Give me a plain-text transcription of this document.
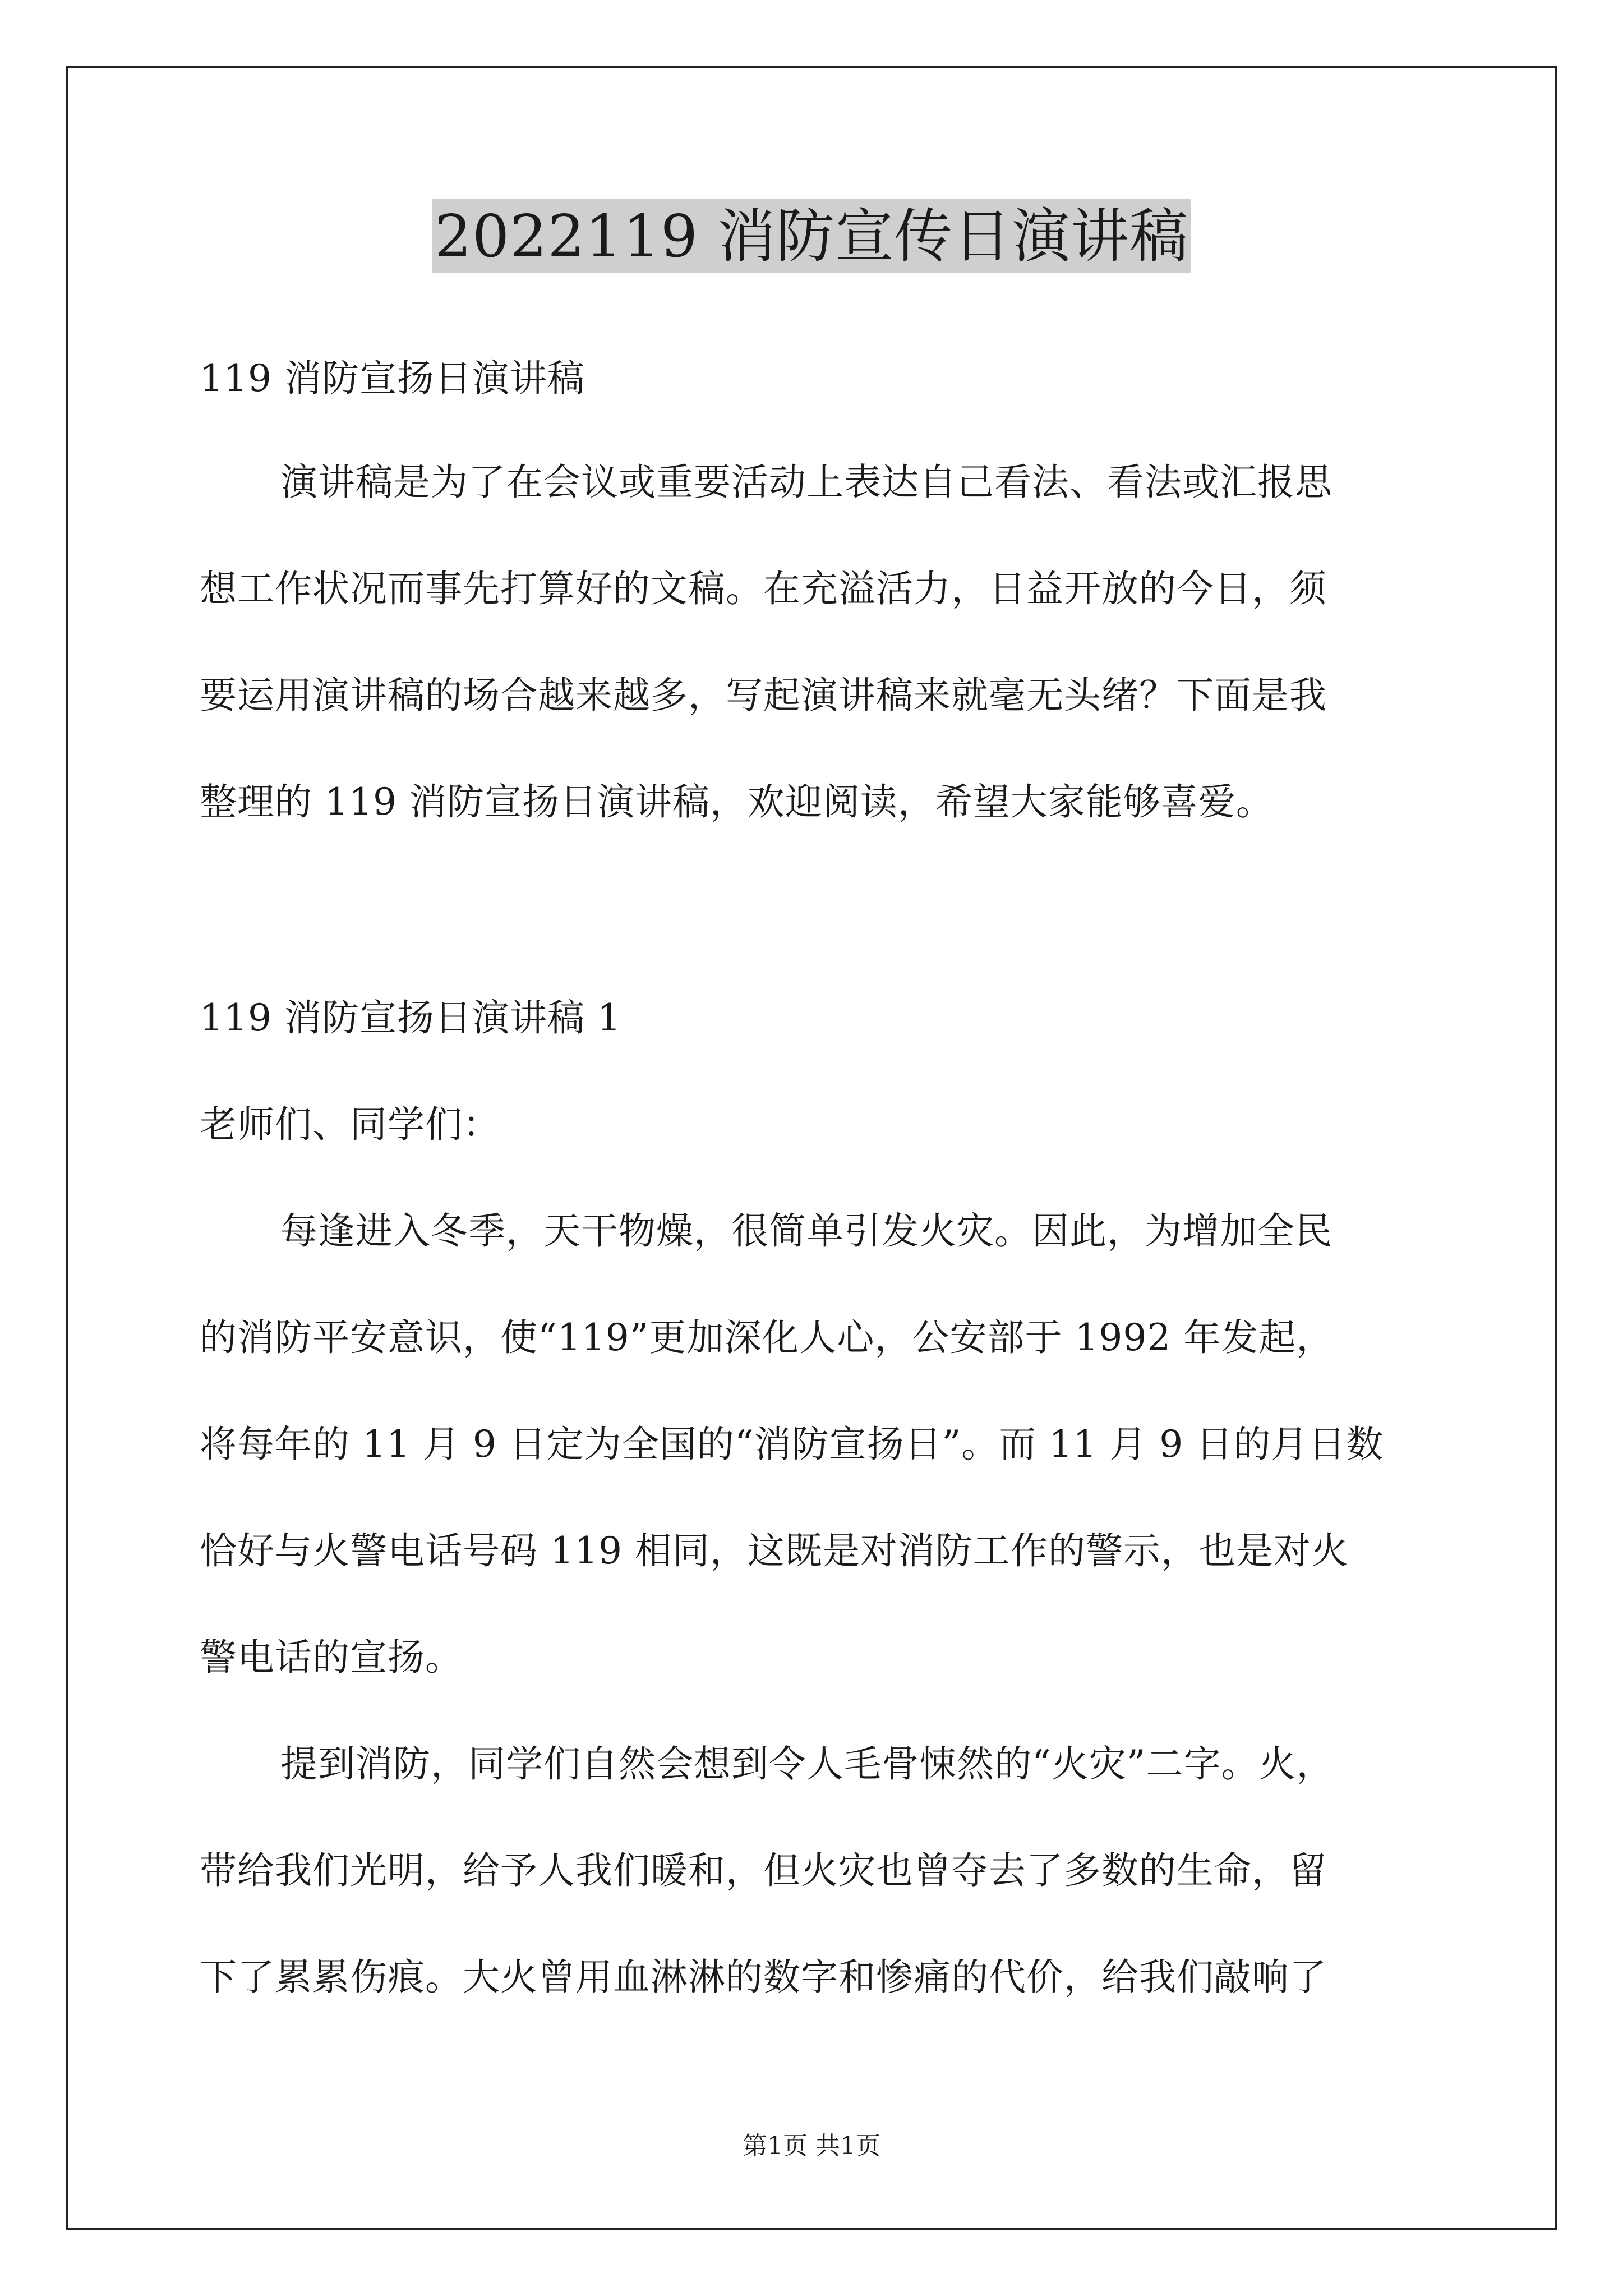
2022119 消防宣传日演讲稿
119 消防宣扬日演讲稿
演讲稿是为了在会议或重要活动上表达自己看法、看法或汇报思
想工作状况而事先打算好的文稿。在充溢活力，日益开放的今日，须
要运用演讲稿的场合越来越多，写起演讲稿来就毫无头绪？下面是我
整理的 119 消防宣扬日演讲稿，欢迎阅读，希望大家能够喜爱。
119 消防宣扬日演讲稿 1
老师们、同学们：
每逢进入冬季，天干物燥，很简单引发火灾。因此，为增加全民
的消防平安意识，使“119”更加深化人心，公安部于 1992 年发起，
将每年的 11 月 9 日定为全国的“消防宣扬日”。而 11 月 9 日的月日数
恰好与火警电话号码 119 相同，这既是对消防工作的警示，也是对火
警电话的宣扬。
提到消防，同学们自然会想到令人毛骨悚然的“火灾”二字。火，
带给我们光明，给予人我们暖和，但火灾也曾夺去了多数的生命，留
下了累累伤痕。大火曾用血淋淋的数字和惨痛的代价，给我们敲响了
第1页 共1页
